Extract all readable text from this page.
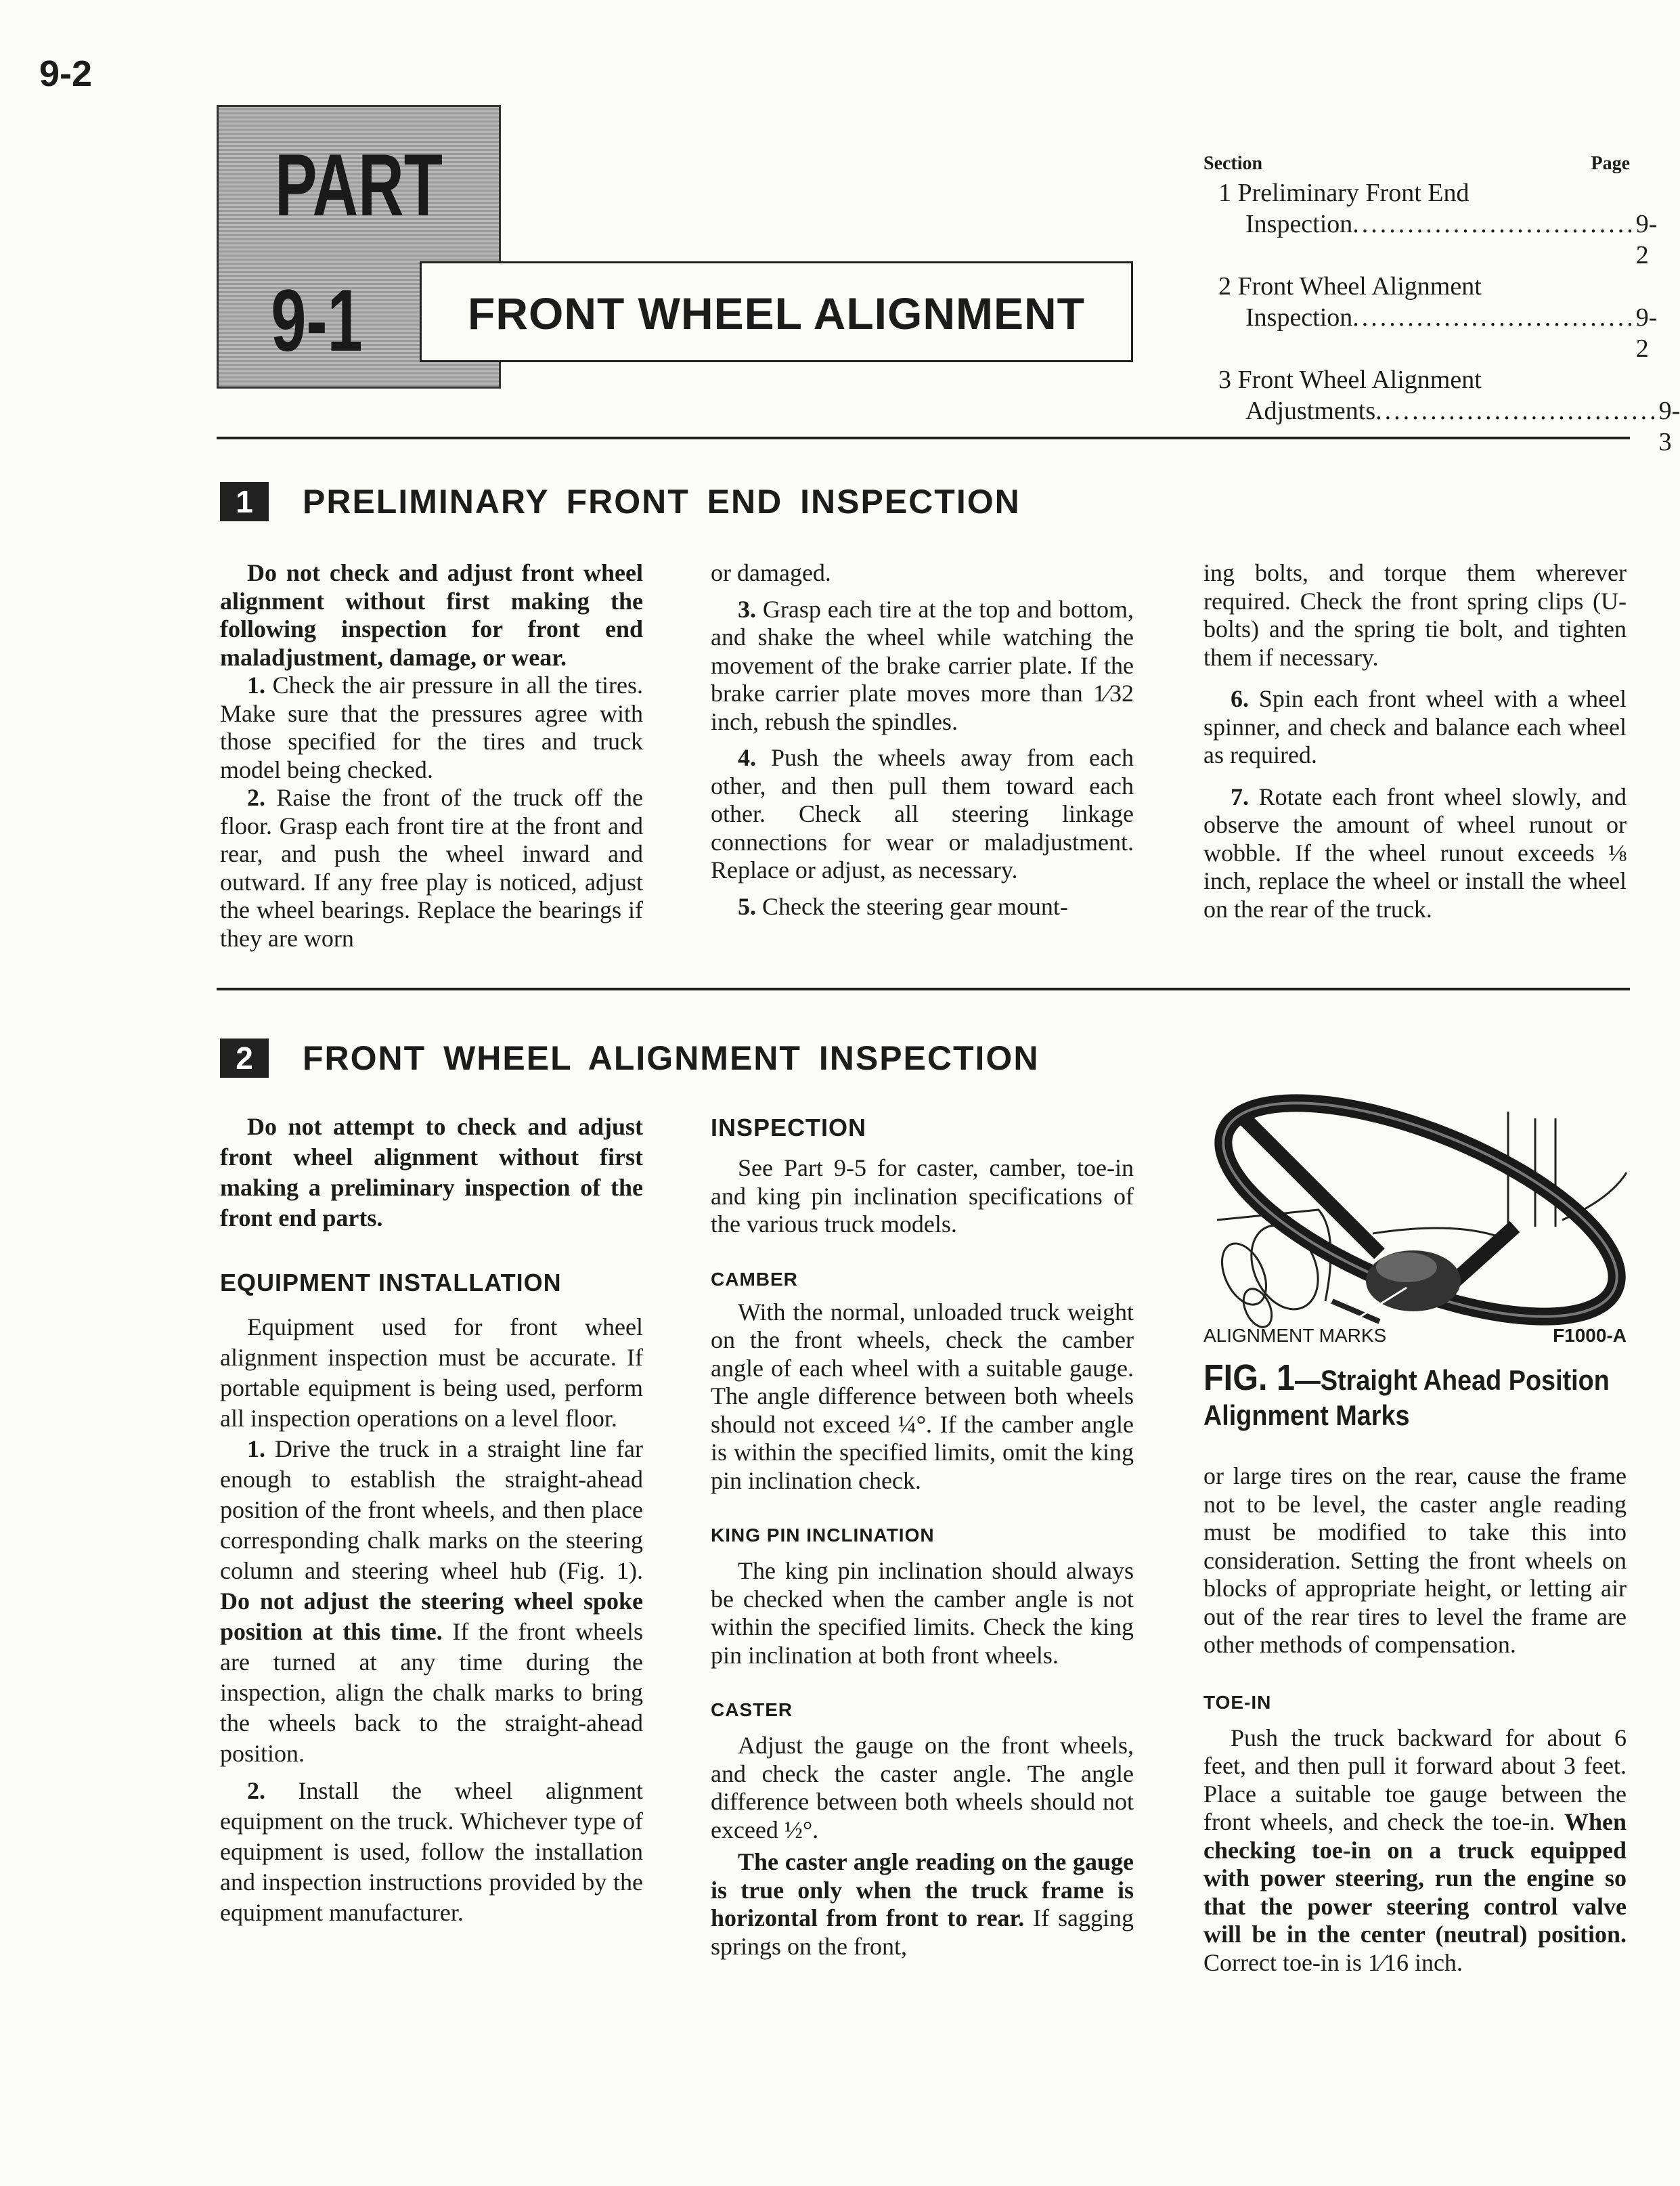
9-2
PART
9-1	FRONT WHEEL ALIGNMENT
Section	Page
1 Preliminary Front End
Inspection ............................... 9-2
2 Front Wheel Alignment
Inspection ............................... 9-2
3 Front Wheel Alignment
Adjustments ............................... 9-3
1	PRELIMINARY FRONT END INSPECTION

Do not check and adjust front wheel alignment without first making the following inspection for front end maladjustment, damage, or wear.

1. Check the air pressure in all the tires. Make sure that the pressures agree with those specified for the tires and truck model being checked.

2. Raise the front of the truck off the floor. Grasp each front tire at the front and rear, and push the wheel inward and outward. If any free play is noticed, adjust the wheel bearings. Replace the bearings if they are worn

or damaged.

3. Grasp each tire at the top and bottom, and shake the wheel while watching the movement of the brake carrier plate. If the brake carrier plate moves more than 1⁄32 inch, rebush the spindles.

4. Push the wheels away from each other, and then pull them toward each other. Check all steering linkage connections for wear or maladjustment. Replace or adjust, as necessary.

5. Check the steering gear mount-

ing bolts, and torque them wherever required. Check the front spring clips (U-bolts) and the spring tie bolt, and tighten them if necessary.

6. Spin each front wheel with a wheel spinner, and check and balance each wheel as required.

7. Rotate each front wheel slowly, and observe the amount of wheel runout or wobble. If the wheel runout exceeds ⅛ inch, replace the wheel or install the wheel on the rear of the truck.

2	FRONT WHEEL ALIGNMENT INSPECTION

Do not attempt to check and adjust front wheel alignment without first making a preliminary inspection of the front end parts.

EQUIPMENT INSTALLATION

Equipment used for front wheel alignment inspection must be accurate. If portable equipment is being used, perform all inspection operations on a level floor.

1. Drive the truck in a straight line far enough to establish the straight-ahead position of the front wheels, and then place corresponding chalk marks on the steering column and steering wheel hub (Fig. 1). Do not adjust the steering wheel spoke position at this time. If the front wheels are turned at any time during the inspection, align the chalk marks to bring the wheels back to the straight-ahead position.

2. Install the wheel alignment equipment on the truck. Whichever type of equipment is used, follow the installation and inspection instructions provided by the equipment manufacturer.

INSPECTION

See Part 9-5 for caster, camber, toe-in and king pin inclination specifications of the various truck models.

CAMBER

With the normal, unloaded truck weight on the front wheels, check the camber angle of each wheel with a suitable gauge. The angle difference between both wheels should not exceed ¼°. If the camber angle is within the specified limits, omit the king pin inclination check.

KING PIN INCLINATION

The king pin inclination should always be checked when the camber angle is not within the specified limits. Check the king pin inclination at both front wheels.

CASTER

Adjust the gauge on the front wheels, and check the caster angle. The angle difference between both wheels should not exceed ½°.

The caster angle reading on the gauge is true only when the truck frame is horizontal from front to rear. If sagging springs on the front,

ALIGNMENT MARKS	F1000-A
FIG. 1—Straight Ahead Position Alignment Marks

or large tires on the rear, cause the frame not to be level, the caster angle reading must be modified to take this into consideration. Setting the front wheels on blocks of appropriate height, or letting air out of the rear tires to level the frame are other methods of compensation.

TOE-IN

Push the truck backward for about 6 feet, and then pull it forward about 3 feet. Place a suitable toe gauge between the front wheels, and check the toe-in. When checking toe-in on a truck equipped with power steering, run the engine so that the power steering control valve will be in the center (neutral) position. Correct toe-in is 1⁄16 inch.
